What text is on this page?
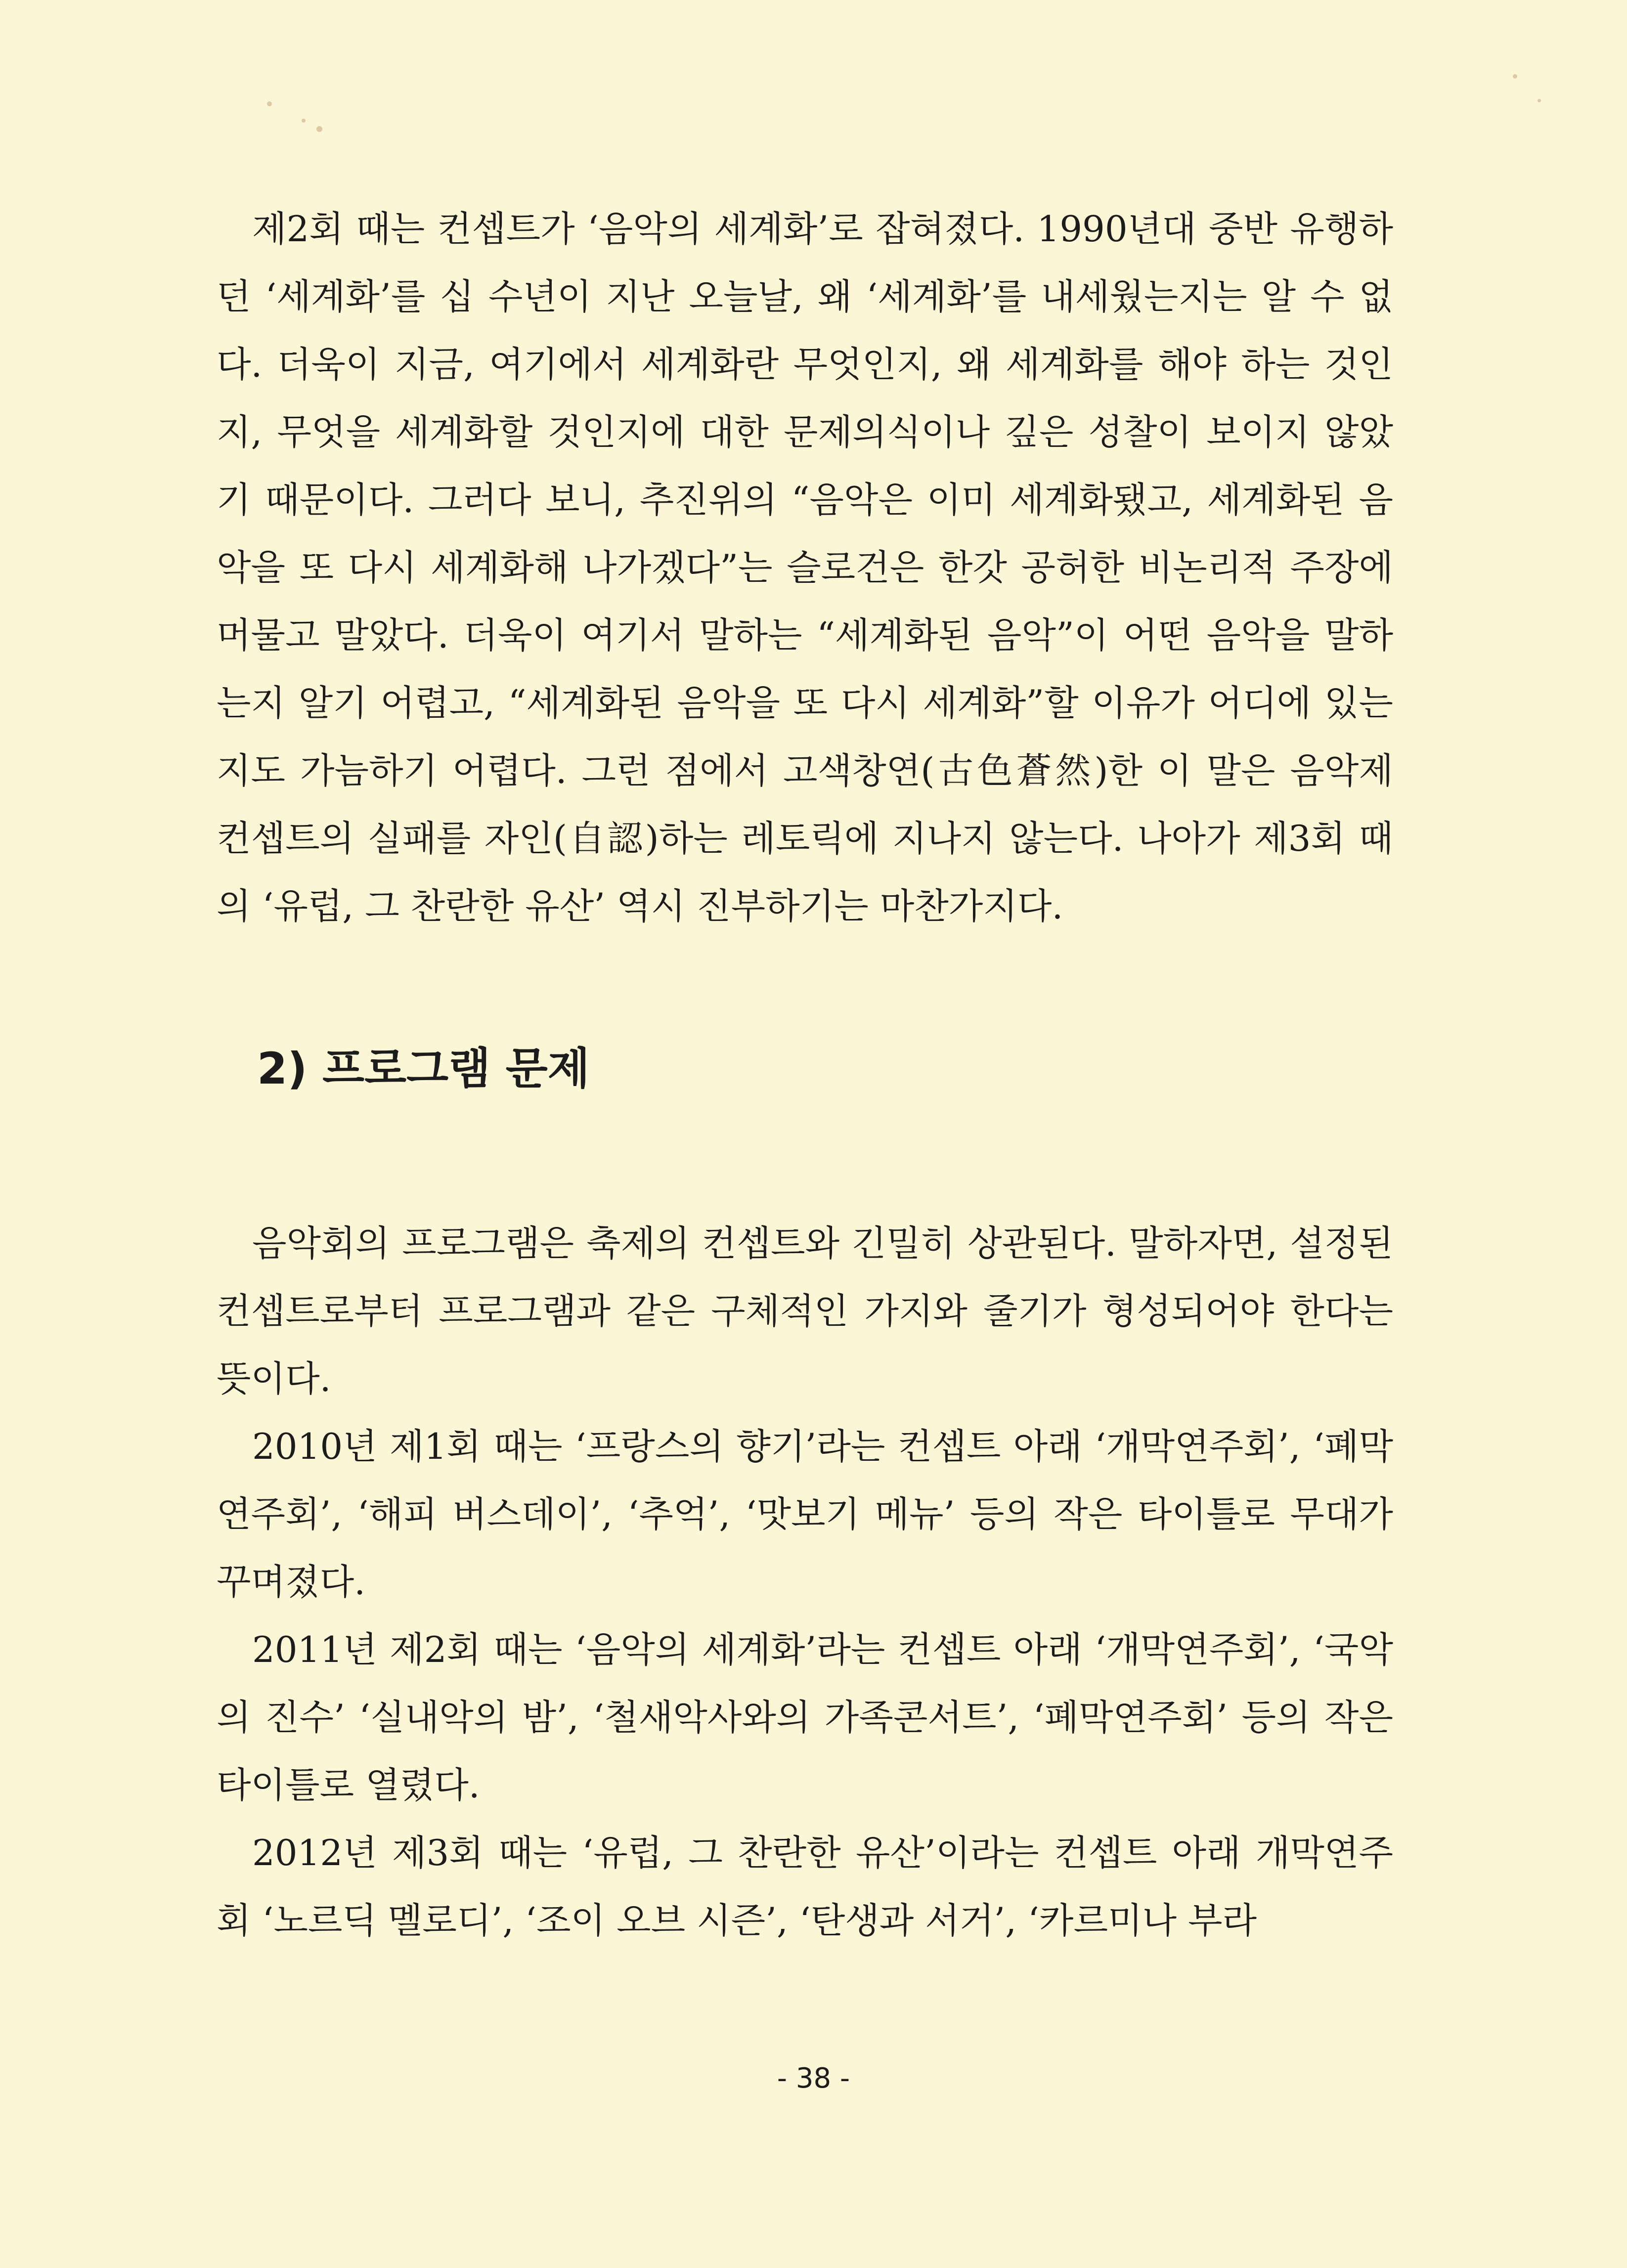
제2회 때는 컨셉트가 ‘음악의 세계화’로 잡혀졌다. 1990년대 중반 유행하던 ‘세계화’를 십 수년이 지난 오늘날, 왜 ‘세계화’를 내세웠는지는 알 수 없다. 더욱이 지금, 여기에서 세계화란 무엇인지, 왜 세계화를 해야 하는 것인지, 무엇을 세계화할 것인지에 대한 문제의식이나 깊은 성찰이 보이지 않았기 때문이다. 그러다 보니, 추진위의 “음악은 이미 세계화됐고, 세계화된 음악을 또 다시 세계화해 나가겠다”는 슬로건은 한갓 공허한 비논리적 주장에 머물고 말았다. 더욱이 여기서 말하는 “세계화된 음악”이 어떤 음악을 말하는지 알기 어렵고, “세계화된 음악을 또 다시 세계화”할 이유가 어디에 있는지도 가늠하기 어렵다. 그런 점에서 고색창연(古色蒼然)한 이 말은 음악제 컨셉트의 실패를 자인(自認)하는 레토릭에 지나지 않는다. 나아가 제3회 때의 ‘유럽, 그 찬란한 유산’ 역시 진부하기는 마찬가지다.

2) 프로그램 문제

음악회의 프로그램은 축제의 컨셉트와 긴밀히 상관된다. 말하자면, 설정된 컨셉트로부터 프로그램과 같은 구체적인 가지와 줄기가 형성되어야 한다는 뜻이다.

2010년 제1회 때는 ‘프랑스의 향기’라는 컨셉트 아래 ‘개막연주회’, ‘폐막연주회’, ‘해피 버스데이’, ‘추억’, ‘맛보기 메뉴’ 등의 작은 타이틀로 무대가 꾸며졌다.

2011년 제2회 때는 ‘음악의 세계화’라는 컨셉트 아래 ‘개막연주회’, ‘국악의 진수’ ‘실내악의 밤’, ‘철새악사와의 가족콘서트’, ‘폐막연주회’ 등의 작은 타이틀로 열렸다.

2012년 제3회 때는 ‘유럽, 그 찬란한 유산’이라는 컨셉트 아래 개막연주회 ‘노르딕 멜로디’, ‘조이 오브 시즌’, ‘탄생과 서거’, ‘카르미나 부라

- 38 -
